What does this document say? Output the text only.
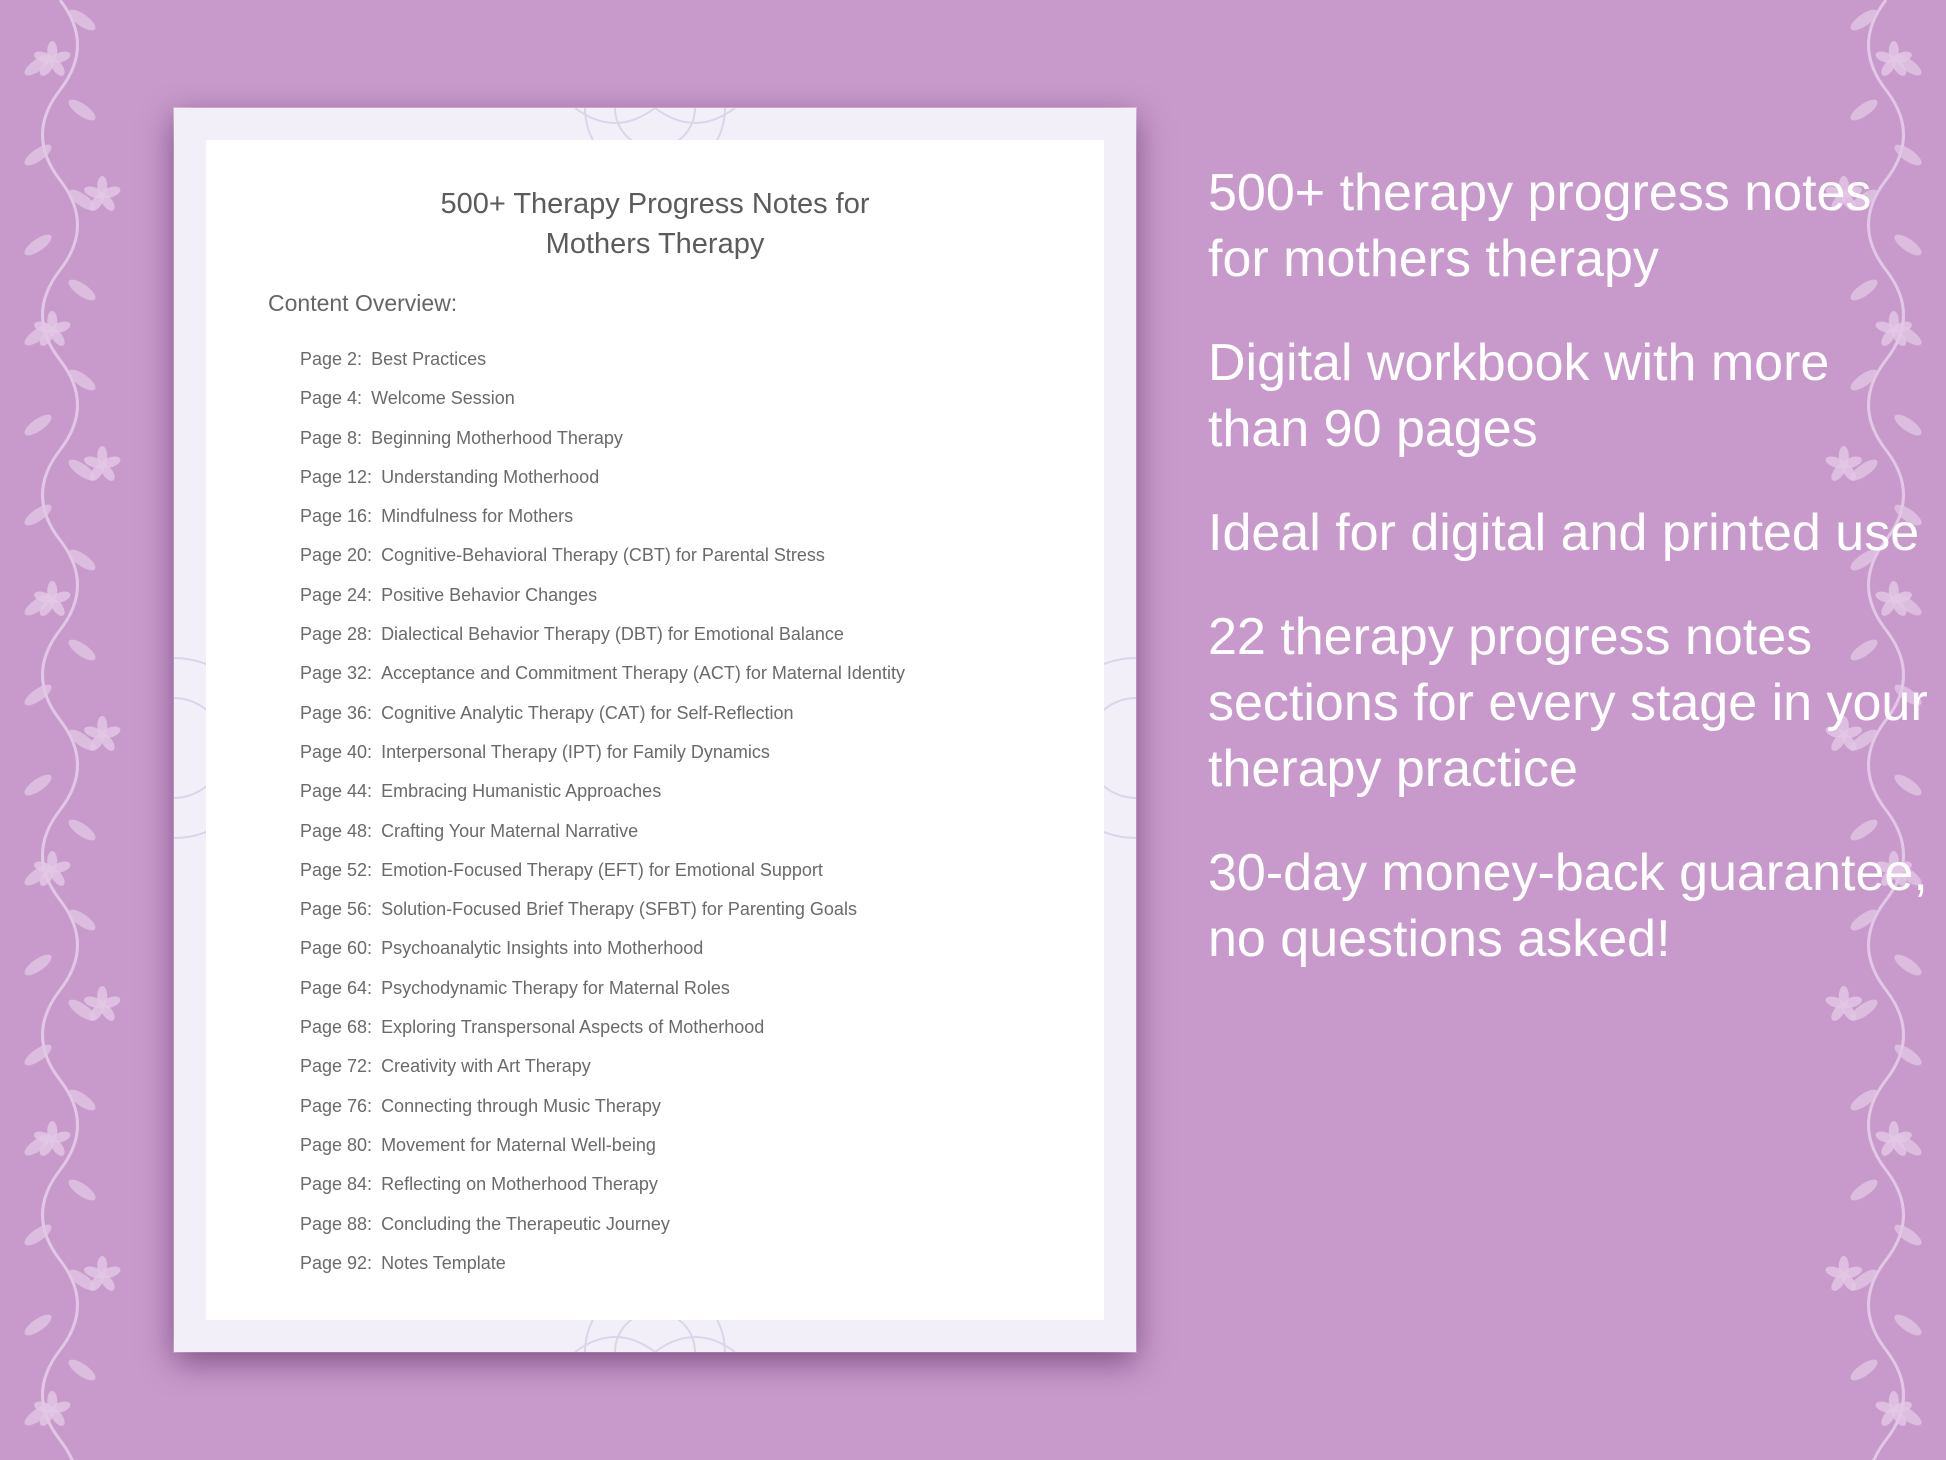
500+ Therapy Progress Notes for
Mothers Therapy
Content Overview:
Page 2: Best Practices
Page 4: Welcome Session
Page 8: Beginning Motherhood Therapy
Page 12: Understanding Motherhood
Page 16: Mindfulness for Mothers
Page 20: Cognitive-Behavioral Therapy (CBT) for Parental Stress
Page 24: Positive Behavior Changes
Page 28: Dialectical Behavior Therapy (DBT) for Emotional Balance
Page 32: Acceptance and Commitment Therapy (ACT) for Maternal Identity
Page 36: Cognitive Analytic Therapy (CAT) for Self-Reflection
Page 40: Interpersonal Therapy (IPT) for Family Dynamics
Page 44: Embracing Humanistic Approaches
Page 48: Crafting Your Maternal Narrative
Page 52: Emotion-Focused Therapy (EFT) for Emotional Support
Page 56: Solution-Focused Brief Therapy (SFBT) for Parenting Goals
Page 60: Psychoanalytic Insights into Motherhood
Page 64: Psychodynamic Therapy for Maternal Roles
Page 68: Exploring Transpersonal Aspects of Motherhood
Page 72: Creativity with Art Therapy
Page 76: Connecting through Music Therapy
Page 80: Movement for Maternal Well-being
Page 84: Reflecting on Motherhood Therapy
Page 88: Concluding the Therapeutic Journey
Page 92: Notes Template

500+ therapy progress notes for mothers therapy

Digital workbook with more than 90 pages

Ideal for digital and printed use

22 therapy progress notes sections for every stage in your therapy practice

30-day money-back guarantee, no questions asked!
